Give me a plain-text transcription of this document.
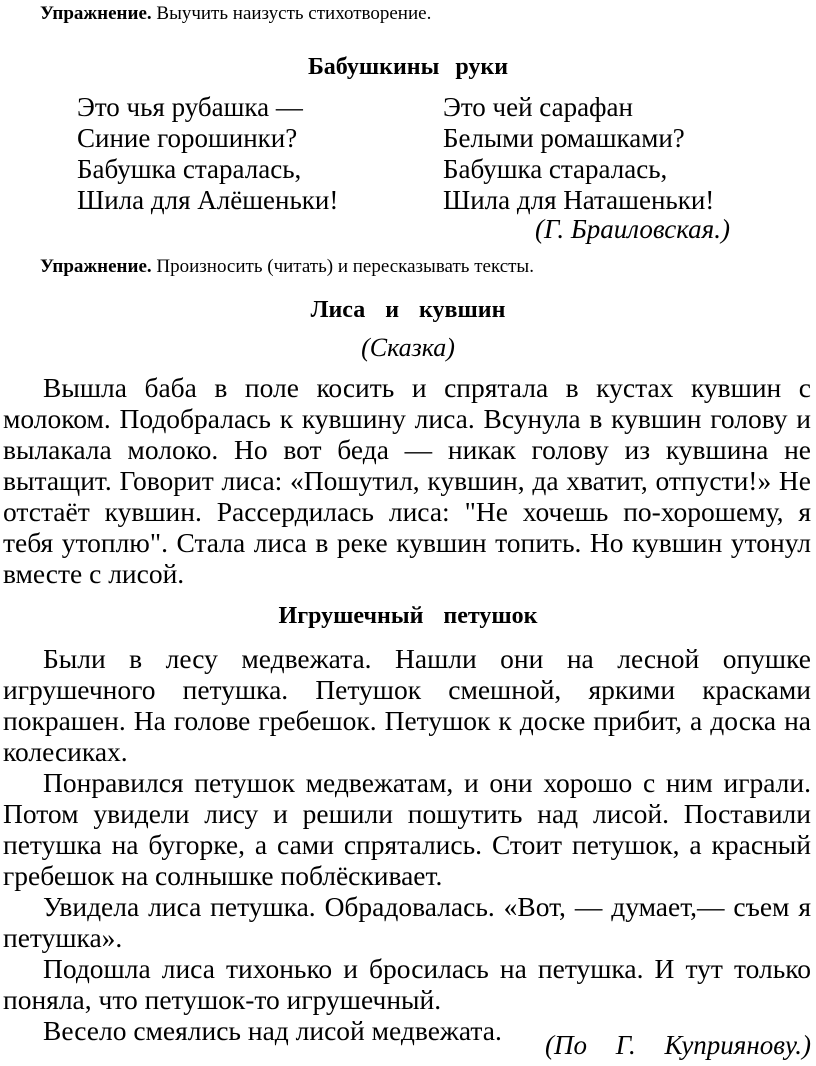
Упражнение. Выучить наизусть стихотворение.
Бабушкины руки
Это чья рубашка —
Синие горошинки?
Бабушка старалась,
Шила для Алёшеньки!
Это чей сарафан
Белыми ромашками?
Бабушка старалась,
Шила для Наташеньки!
(Г. Браиловская.)
Упражнение. Произносить (читать) и пересказывать тексты.
Лиса и кувшин
(Сказка)

Вышла баба в поле косить и спрятала в кустах кувшин с молоком. Подобралась к кувшину лиса. Всунула в кувшин голову и вылакала молоко. Но вот беда — никак голову из кувшина не вытащит. Говорит лиса: «Пошутил, кувшин, да хватит, отпусти!» Не отстаёт кувшин. Рассердилась лиса: "Не хочешь по-хорошему, я тебя утоплю". Стала лиса в реке кувшин топить. Но кувшин утонул вместе с лисой.

Игрушечный петушок

Были в лесу медвежата. Нашли они на лесной опушке игрушечного петушка. Петушок смешной, яркими красками покрашен. На голове гребешок. Петушок к доске прибит, а доска на колесиках.

Понравился петушок медвежатам, и они хорошо с ним играли. Потом увидели лису и решили пошутить над лисой. Поставили петушка на бугорке, а сами спрятались. Стоит петушок, а красный гребешок на солнышке поблёскивает.

Увидела лиса петушка. Обрадовалась. «Вот, — думает,— съем я петушка».

Подошла лиса тихонько и бросилась на петушка. И тут только поняла, что петушок-то игрушечный.

Весело смеялись над лисой медвежата.	(По Г. Куприянову.)
